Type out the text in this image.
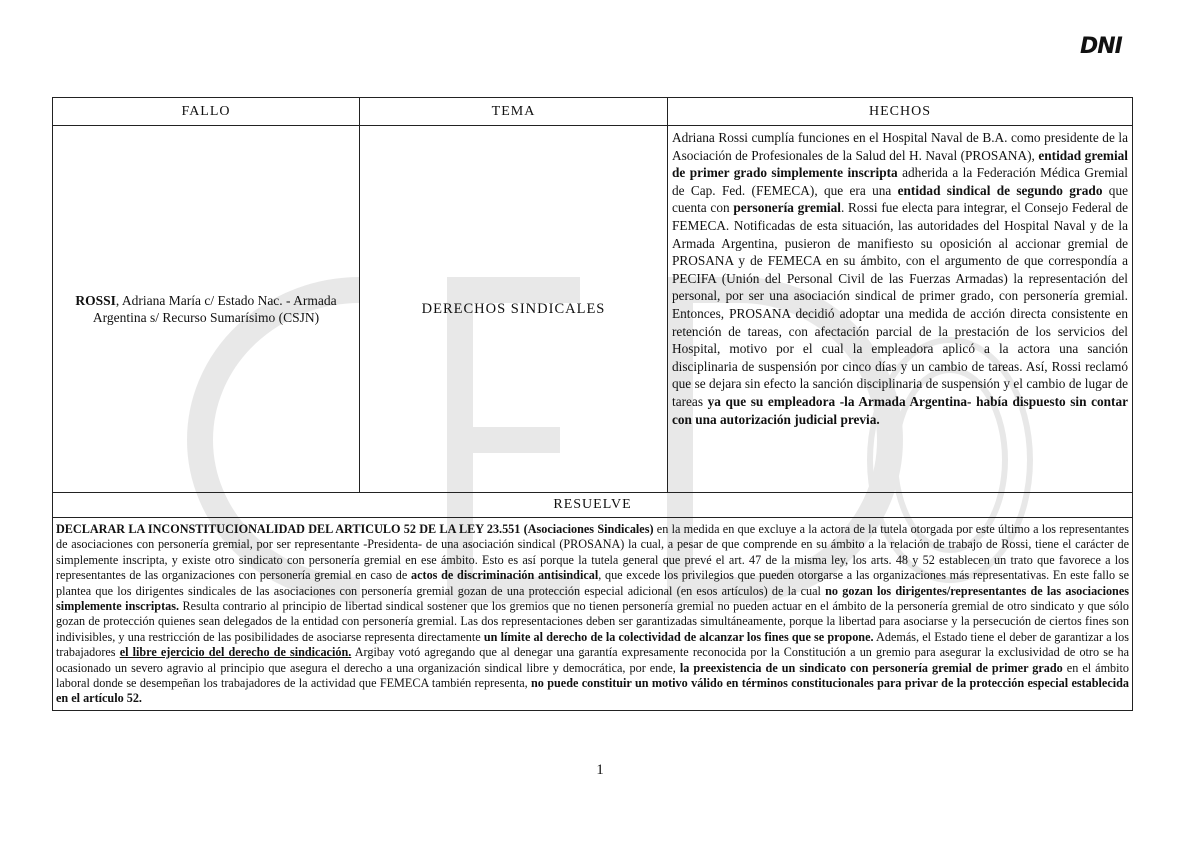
DNI
FALLO	TEMA	HECHOS
ROSSI, Adriana María c/ Estado Nac. - Armada Argentina s/ Recurso Sumarísimo (CSJN)	DERECHOS SINDICALES	Adriana Rossi cumplía funciones en el Hospital Naval de B.A. como presidente de la Asociación de Profesionales de la Salud del H. Naval (PROSANA), entidad gremial de primer grado simplemente inscripta adherida a la Federación Médica Gremial de Cap. Fed. (FEMECA), que era una entidad sindical de segundo grado que cuenta con personería gremial. Rossi fue electa para integrar, el Consejo Federal de FEMECA. Notificadas de esta situación, las autoridades del Hospital Naval y de la Armada Argentina, pusieron de manifiesto su oposición al accionar gremial de PROSANA y de FEMECA en su ámbito, con el argumento de que correspondía a PECIFA (Unión del Personal Civil de las Fuerzas Armadas) la representación del personal, por ser una asociación sindical de primer grado, con personería gremial. Entonces, PROSANA decidió adoptar una medida de acción directa consistente en retención de tareas, con afectación parcial de la prestación de los servicios del Hospital, motivo por el cual la empleadora aplicó a la actora una sanción disciplinaria de suspensión por cinco días y un cambio de tareas. Así, Rossi reclamó que se dejara sin efecto la sanción disciplinaria de suspensión y el cambio de lugar de tareas ya que su empleadora -la Armada Argentina- había dispuesto sin contar con una autorización judicial previa.
RESUELVE		
DECLARAR LA INCONSTITUCIONALIDAD DEL ARTICULO 52 DE LA LEY 23.551 (Asociaciones Sindicales) en la medida en que excluye a la actora de la tutela otorgada por este último a los representantes de asociaciones con personería gremial, por ser representante -Presidenta- de una asociación sindical (PROSANA) la cual, a pesar de que comprende en su ámbito a la relación de trabajo de Rossi, tiene el carácter de simplemente inscripta, y existe otro sindicato con personería gremial en ese ámbito. Esto es así porque la tutela general que prevé el art. 47 de la misma ley, los arts. 48 y 52 establecen un trato que favorece a los representantes de las organizaciones con personería gremial en caso de actos de discriminación antisindical, que excede los privilegios que pueden otorgarse a las organizaciones más representativas. En este fallo se plantea que los dirigentes sindicales de las asociaciones con personería gremial gozan de una protección especial adicional (en esos artículos) de la cual no gozan los dirigentes/representantes de las asociaciones simplemente inscriptas. Resulta contrario al principio de libertad sindical sostener que los gremios que no tienen personería gremial no pueden actuar en el ámbito de la personería gremial de otro sindicato y que sólo gozan de protección quienes sean delegados de la entidad con personería gremial. Las dos representaciones deben ser garantizadas simultáneamente, porque la libertad para asociarse y la persecución de ciertos fines son indivisibles, y una restricción de las posibilidades de asociarse representa directamente un límite al derecho de la colectividad de alcanzar los fines que se propone. Además, el Estado tiene el deber de garantizar a los trabajadores el libre ejercicio del derecho de sindicación. Argibay votó agregando que al denegar una garantía expresamente reconocida por la Constitución a un gremio para asegurar la exclusividad de otro se ha ocasionado un severo agravio al principio que asegura el derecho a una organización sindical libre y democrática, por ende, la preexistencia de un sindicato con personería gremial de primer grado en el ámbito laboral donde se desempeñan los trabajadores de la actividad que FEMECA también representa, no puede constituir un motivo válido en términos constitucionales para privar de la protección especial establecida en el artículo 52.		
1
